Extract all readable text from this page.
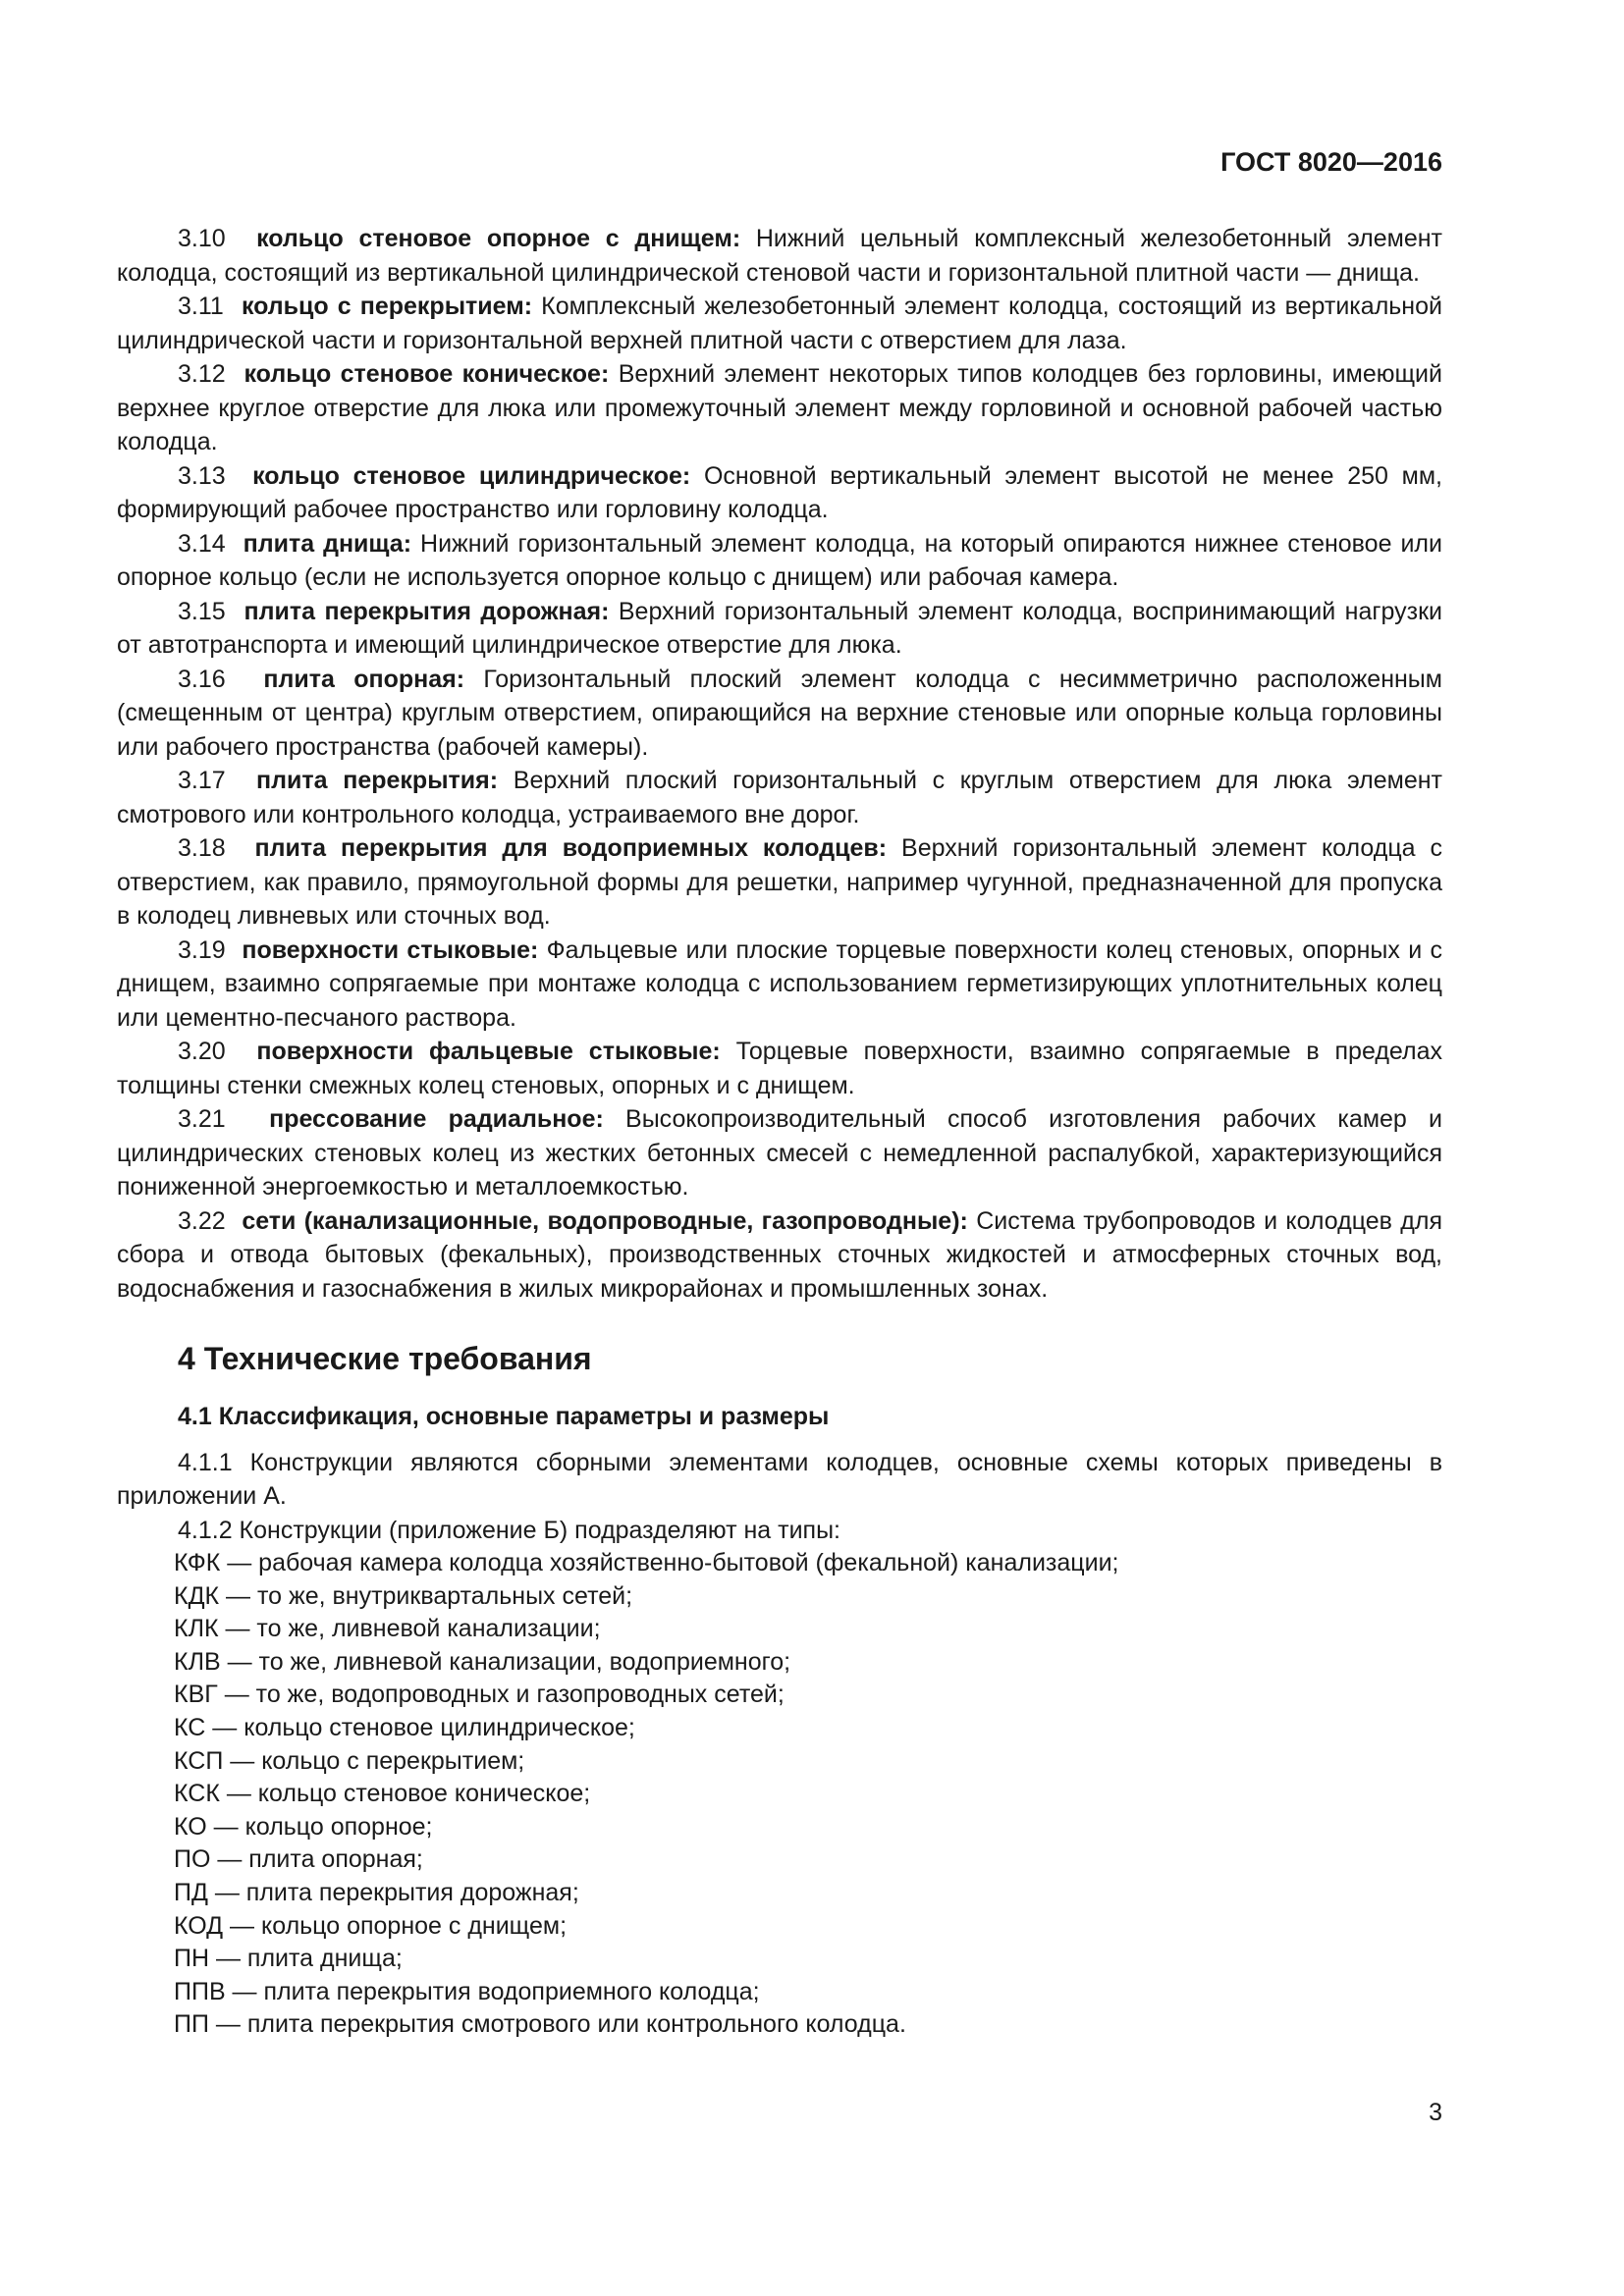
ГОСТ 8020—2016

3.10 кольцо стеновое опорное с днищем: Нижний цельный комплексный железобетонный элемент колодца, состоящий из вертикальной цилиндрической стеновой части и горизонтальной плитной части — днища.

3.11 кольцо с перекрытием: Комплексный железобетонный элемент колодца, состоящий из вертикальной цилиндрической части и горизонтальной верхней плитной части с отверстием для лаза.

3.12 кольцо стеновое коническое: Верхний элемент некоторых типов колодцев без горловины, имеющий верхнее круглое отверстие для люка или промежуточный элемент между горловиной и основной рабочей частью колодца.

3.13 кольцо стеновое цилиндрическое: Основной вертикальный элемент высотой не менее 250 мм, формирующий рабочее пространство или горловину колодца.

3.14 плита днища: Нижний горизонтальный элемент колодца, на который опираются нижнее стеновое или опорное кольцо (если не используется опорное кольцо с днищем) или рабочая камера.

3.15 плита перекрытия дорожная: Верхний горизонтальный элемент колодца, воспринимающий нагрузки от автотранспорта и имеющий цилиндрическое отверстие для люка.

3.16 плита опорная: Горизонтальный плоский элемент колодца с несимметрично расположенным (смещенным от центра) круглым отверстием, опирающийся на верхние стеновые или опорные кольца горловины или рабочего пространства (рабочей камеры).

3.17 плита перекрытия: Верхний плоский горизонтальный с круглым отверстием для люка элемент смотрового или контрольного колодца, устраиваемого вне дорог.

3.18 плита перекрытия для водоприемных колодцев: Верхний горизонтальный элемент колодца с отверстием, как правило, прямоугольной формы для решетки, например чугунной, предназначенной для пропуска в колодец ливневых или сточных вод.

3.19 поверхности стыковые: Фальцевые или плоские торцевые поверхности колец стеновых, опорных и с днищем, взаимно сопрягаемые при монтаже колодца с использованием герметизирующих уплотнительных колец или цементно-песчаного раствора.

3.20 поверхности фальцевые стыковые: Торцевые поверхности, взаимно сопрягаемые в пределах толщины стенки смежных колец стеновых, опорных и с днищем.

3.21 прессование радиальное: Высокопроизводительный способ изготовления рабочих камер и цилиндрических стеновых колец из жестких бетонных смесей с немедленной распалубкой, характеризующийся пониженной энергоемкостью и металлоемкостью.

3.22 сети (канализационные, водопроводные, газопроводные): Система трубопроводов и колодцев для сбора и отвода бытовых (фекальных), производственных сточных жидкостей и атмосферных сточных вод, водоснабжения и газоснабжения в жилых микрорайонах и промышленных зонах.

4 Технические требования
4.1 Классификация, основные параметры и размеры

4.1.1 Конструкции являются сборными элементами колодцев, основные схемы которых приведены в приложении А.

4.1.2 Конструкции (приложение Б) подразделяют на типы:

КФК — рабочая камера колодца хозяйственно-бытовой (фекальной) канализации;
КДК — то же, внутриквартальных сетей;
КЛК — то же, ливневой канализации;
КЛВ — то же, ливневой канализации, водоприемного;
КВГ — то же, водопроводных и газопроводных сетей;
КС — кольцо стеновое цилиндрическое;
КСП — кольцо с перекрытием;
КСК — кольцо стеновое коническое;
КО — кольцо опорное;
ПО — плита опорная;
ПД — плита перекрытия дорожная;
КОД — кольцо опорное с днищем;
ПН — плита днища;
ППВ — плита перекрытия водоприемного колодца;
ПП — плита перекрытия смотрового или контрольного колодца.
3
